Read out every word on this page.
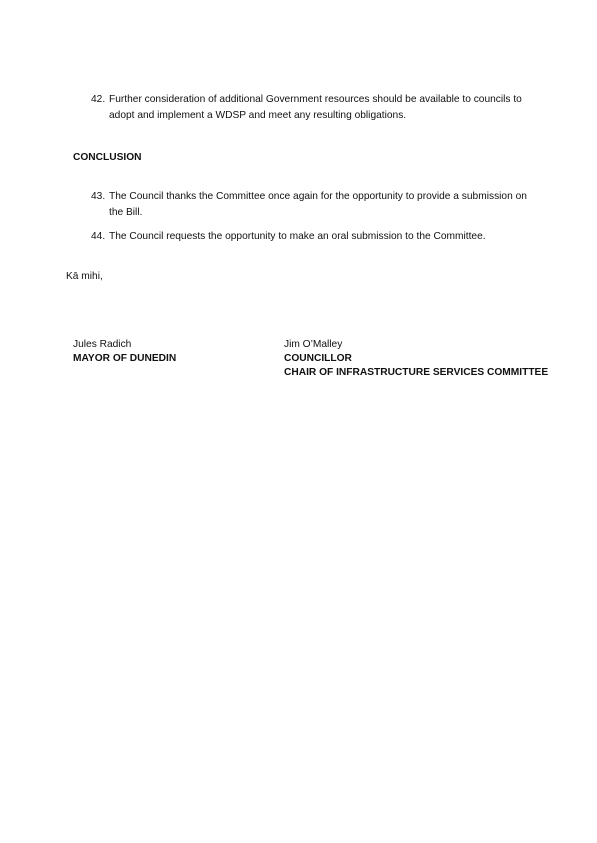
42. Further consideration of additional Government resources should be available to councils to adopt and implement a WDSP and meet any resulting obligations.
CONCLUSION
43. The Council thanks the Committee once again for the opportunity to provide a submission on the Bill.
44. The Council requests the opportunity to make an oral submission to the Committee.
Kā mihi,
Jules Radich
MAYOR OF DUNEDIN
Jim O’Malley
COUNCILLOR
CHAIR OF INFRASTRUCTURE SERVICES COMMITTEE
